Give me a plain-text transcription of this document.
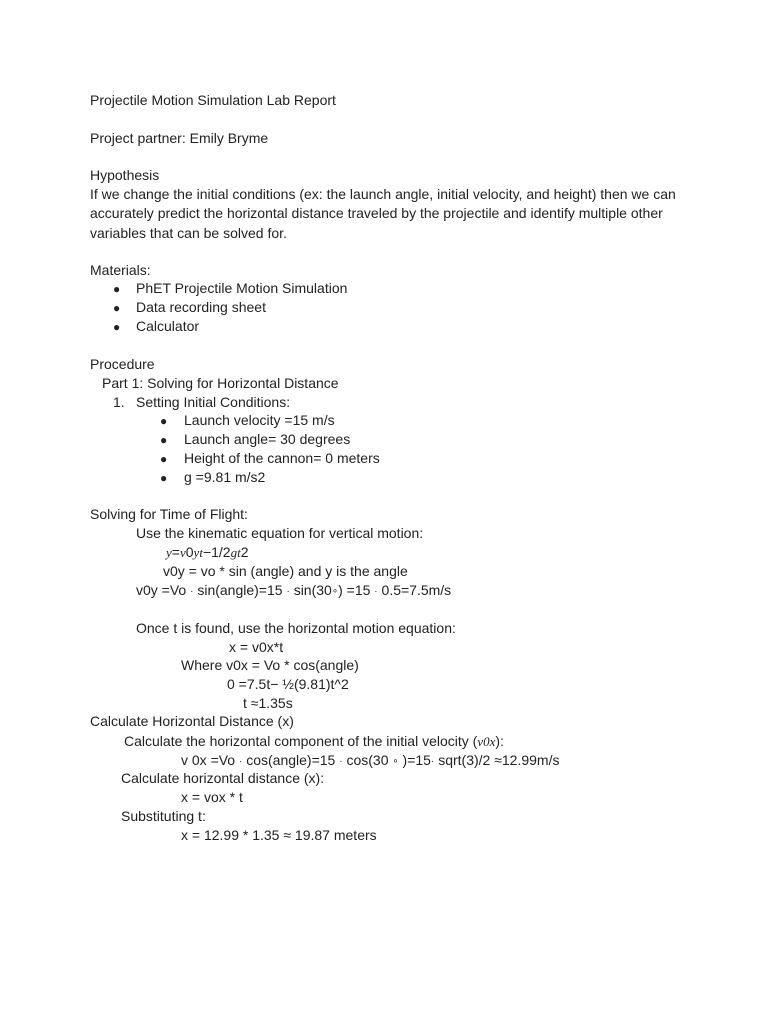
Projectile Motion Simulation Lab Report
Project partner: Emily Bryme
Hypothesis
If we change the initial conditions (ex: the launch angle, initial velocity, and height) then we can accurately predict the horizontal distance traveled by the projectile and identify multiple other variables that can be solved for.
Materials:
● PhET Projectile Motion Simulation
● Data recording sheet
● Calculator
Procedure
Part 1: Solving for Horizontal Distance
1. Setting Initial Conditions:
● Launch velocity =15 m/s
● Launch angle= 30 degrees
● Height of the cannon= 0 meters
● g =9.81 m/s2
Solving for Time of Flight:
Use the kinematic equation for vertical motion:
y=v0yt−1/2gt2
v0y = vo * sin (angle) and y is the angle
v0y =Vo · sin(angle)=15 · sin(30∘) =15 · 0.5=7.5m/s
Once t is found, use the horizontal motion equation:
x = v0x*t
Where v0x = Vo * cos(angle)
0 =7.5t− ½(9.81)t^2
t ≈1.35s
Calculate Horizontal Distance (x)
Calculate the horizontal component of the initial velocity (v0x):
v 0x =Vo · cos(angle)=15 · cos(30 ∘ )=15· sqrt(3)/2 ≈12.99m/s
Calculate horizontal distance (x):
x = vox * t
Substituting t:
x = 12.99 * 1.35 ≈ 19.87 meters
